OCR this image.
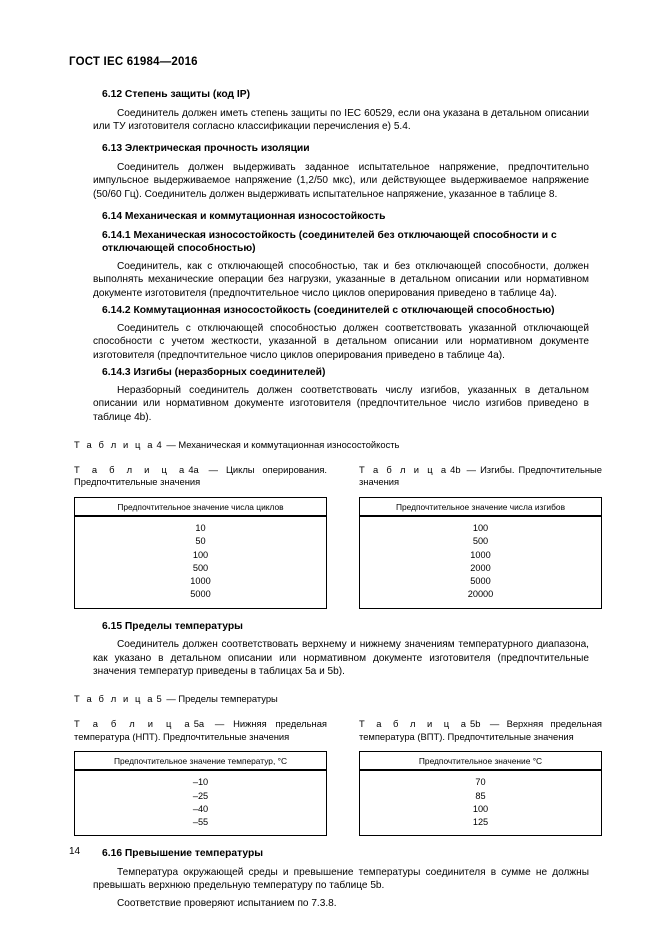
ГОСТ IEC 61984—2016
6.12 Степень защиты (код IP)

Соединитель должен иметь степень защиты по IEC 60529, если она указана в детальном описании или ТУ изготовителя согласно классификации перечисления е) 5.4.

6.13 Электрическая прочность изоляции

Соединитель должен выдерживать заданное испытательное напряжение, предпочтительно импульсное выдерживаемое напряжение (1,2/50 мкс), или действующее выдерживаемое напряжение (50/60 Гц). Соединитель должен выдерживать испытательное напряжение, указанное в таблице 8.

6.14 Механическая и коммутационная износостойкость
6.14.1 Механическая износостойкость (соединителей без отключающей способности и с отключающей способностью)

Соединитель, как с отключающей способностью, так и без отключающей способности, должен выполнять механические операции без нагрузки, указанные в детальном описании или нормативном документе изготовителя (предпочтительное число циклов оперирования приведено в таблице 4а).

6.14.2 Коммутационная износостойкость (соединителей с отключающей способностью)

Соединитель с отключающей способностью должен соответствовать указанной отключающей способности с учетом жесткости, указанной в детальном описании или нормативном документе изготовителя (предпочтительное число циклов оперирования приведено в таблице 4а).

6.14.3 Изгибы (неразборных соединителей)

Неразборный соединитель должен соответствовать числу изгибов, указанных в детальном описании или нормативном документе изготовителя (предпочтительное число изгибов приведено в таблице 4b).

Т а б л и ц а 4 — Механическая и коммутационная износостойкость
Т а б л и ц а 4a — Циклы оперирования. Предпочтительные значения
Т а б л и ц а 4b — Изгибы. Предпочтительные значения
Предпочтительное значение числа циклов
10
50
100
500
1000
5000
Предпочтительное значение числа изгибов
100
500
1000
2000
5000
20000
6.15 Пределы температуры

Соединитель должен соответствовать верхнему и нижнему значениям температурного диапазона, как указано в детальном описании или нормативном документе изготовителя (предпочтительные значения температур приведены в таблицах 5а и 5b).

Т а б л и ц а 5 — Пределы температуры
Т а б л и ц а 5a — Нижняя предельная температура (НПТ). Предпочтительные значения
Т а б л и ц а 5b — Верхняя предельная температура (ВПТ). Предпочтительные значения
Предпочтительное значение температур, °С
–10
–25
–40
–55
Предпочтительное значение °С
70
85
100
125
6.16 Превышение температуры

Температура окружающей среды и превышение температуры соединителя в сумме не должны превышать верхнюю предельную температуру по таблице 5b.

Соответствие проверяют испытанием по 7.3.8.

14
